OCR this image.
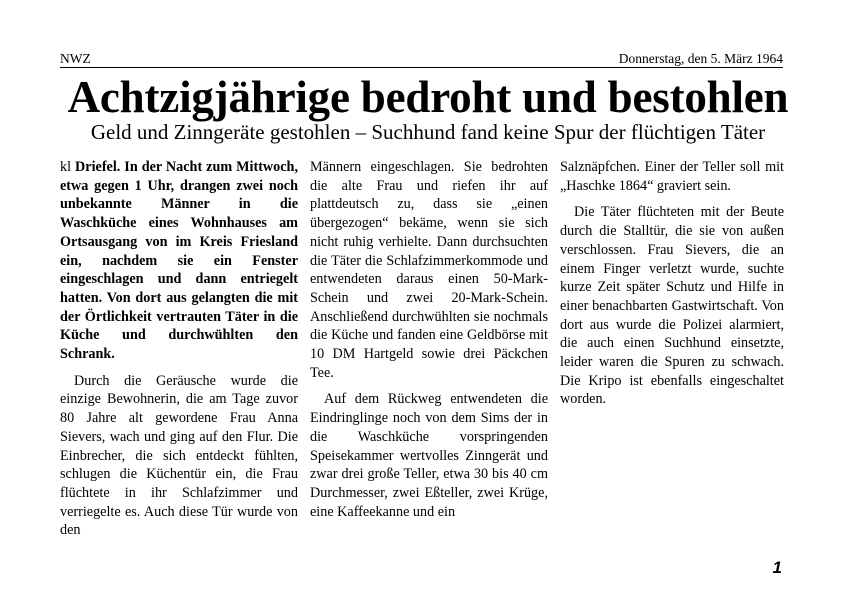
NWZ	Donnerstag, den 5. März 1964
Achtzigjährige bedroht und bestohlen
Geld und Zinngeräte gestohlen – Suchhund fand keine Spur der flüchtigen Täter

kl Driefel. In der Nacht zum Mittwoch, etwa gegen 1 Uhr, drangen zwei noch unbekannte Männer in die Waschküche eines Wohnhauses am Ortsausgang von im Kreis Friesland ein, nachdem sie ein Fenster eingeschlagen und dann entriegelt hatten. Von dort aus gelangten die mit der Örtlichkeit vertrauten Täter in die Küche und durchwühlten den Schrank.

Durch die Geräusche wurde die einzige Bewohnerin, die am Tage zuvor 80 Jahre alt gewordene Frau Anna Sievers, wach und ging auf den Flur. Die Einbrecher, die sich entdeckt fühlten, schlugen die Küchentür ein, die Frau flüchtete in ihr Schlafzimmer und verriegelte es. Auch diese Tür wurde von den

Männern eingeschlagen. Sie bedrohten die alte Frau und riefen ihr auf plattdeutsch zu, dass sie „einen übergezogen“ bekäme, wenn sie sich nicht ruhig verhielte. Dann durchsuchten die Täter die Schlafzimmerkommode und entwendeten daraus einen 50-Mark-Schein und zwei 20-Mark-Schein. Anschließend durchwühlten sie nochmals die Küche und fanden eine Geldbörse mit 10 DM Hartgeld sowie drei Päckchen Tee.

Auf dem Rückweg entwendeten die Eindringlinge noch von dem Sims der in die Waschküche vorspringenden Speisekammer wertvolles Zinngerät und zwar drei große Teller, etwa 30 bis 40 cm Durchmesser, zwei Eßteller, zwei Krüge, eine Kaffeekanne und ein

Salznäpfchen. Einer der Teller soll mit „Haschke 1864“ graviert sein.

Die Täter flüchteten mit der Beute durch die Stalltür, die sie von außen verschlossen. Frau Sievers, die an einem Finger verletzt wurde, suchte kurze Zeit später Schutz und Hilfe in einer benachbarten Gastwirtschaft. Von dort aus wurde die Polizei alarmiert, die auch einen Suchhund einsetzte, leider waren die Spuren zu schwach. Die Kripo ist ebenfalls eingeschaltet worden.

1
